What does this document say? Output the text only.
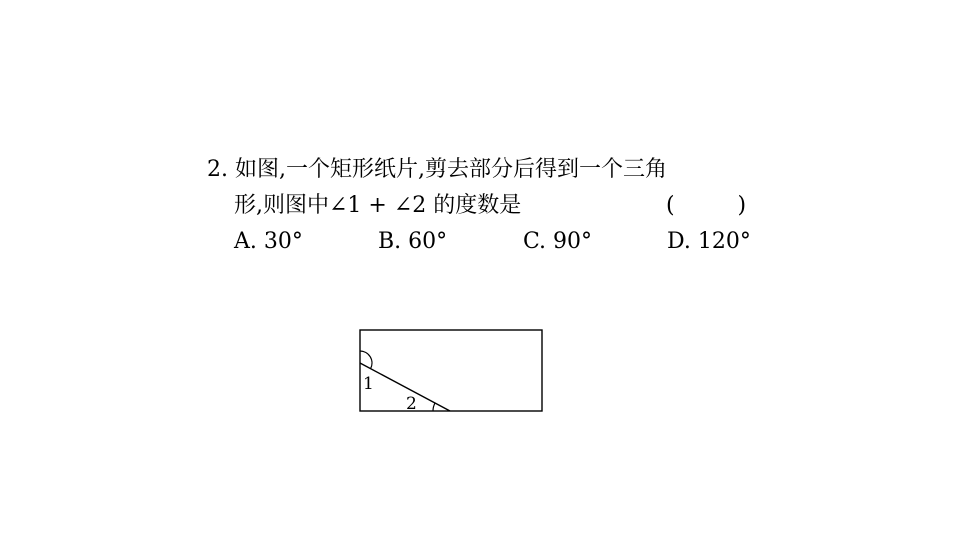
2. 如图,一个矩形纸片,剪去部分后得到一个三角
形,则图中∠1 + ∠2 的度数是	(         )
A. 30°	B. 60°	C. 90°	D. 120°
1
2
